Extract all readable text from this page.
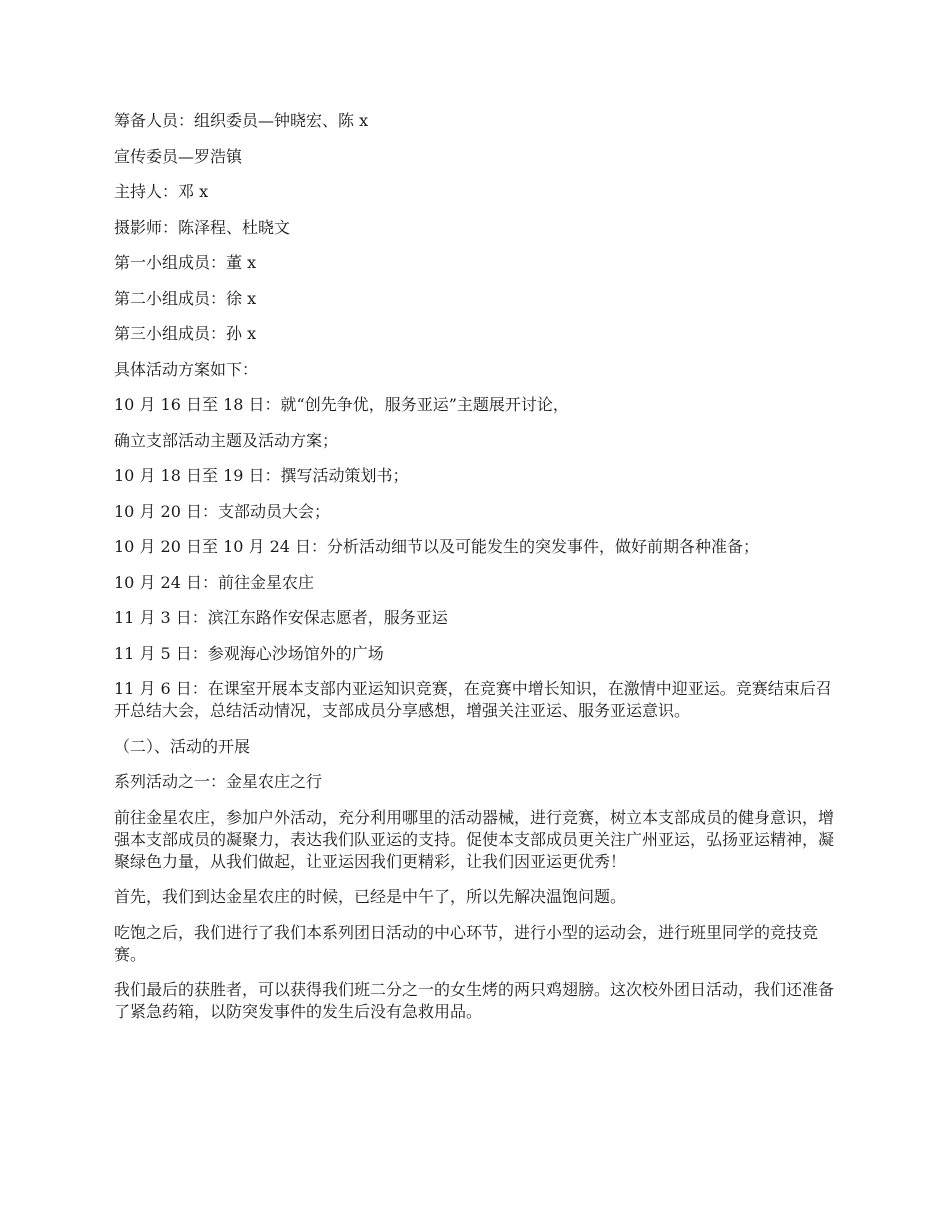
筹备人员：组织委员—钟晓宏、陈 x

宣传委员—罗浩镇

主持人：邓 x

摄影师：陈泽程、杜晓文

第一小组成员：董 x

第二小组成员：徐 x

第三小组成员：孙 x

具体活动方案如下：

10 月 16 日至 18 日：就“创先争优，服务亚运”主题展开讨论，

确立支部活动主题及活动方案；

10 月 18 日至 19 日：撰写活动策划书；

10 月 20 日：支部动员大会；

10 月 20 日至 10 月 24 日：分析活动细节以及可能发生的突发事件，做好前期各种准备；

10 月 24 日：前往金星农庄

11 月 3 日：滨江东路作安保志愿者，服务亚运

11 月 5 日：参观海心沙场馆外的广场

11 月 6 日：在课室开展本支部内亚运知识竞赛，在竞赛中增长知识，在激情中迎亚运。竞赛结束后召开总结大会，总结活动情况，支部成员分享感想，增强关注亚运、服务亚运意识。

（二）、活动的开展

系列活动之一：金星农庄之行

前往金星农庄，参加户外活动，充分利用哪里的活动器械，进行竞赛，树立本支部成员的健身意识，增强本支部成员的凝聚力，表达我们队亚运的支持。促使本支部成员更关注广州亚运，弘扬亚运精神，凝聚绿色力量，从我们做起，让亚运因我们更精彩，让我们因亚运更优秀！

首先，我们到达金星农庄的时候，已经是中午了，所以先解决温饱问题。

吃饱之后，我们进行了我们本系列团日活动的中心环节，进行小型的运动会，进行班里同学的竞技竞赛。

我们最后的获胜者，可以获得我们班二分之一的女生烤的两只鸡翅膀。这次校外团日活动，我们还准备了紧急药箱，以防突发事件的发生后没有急救用品。
